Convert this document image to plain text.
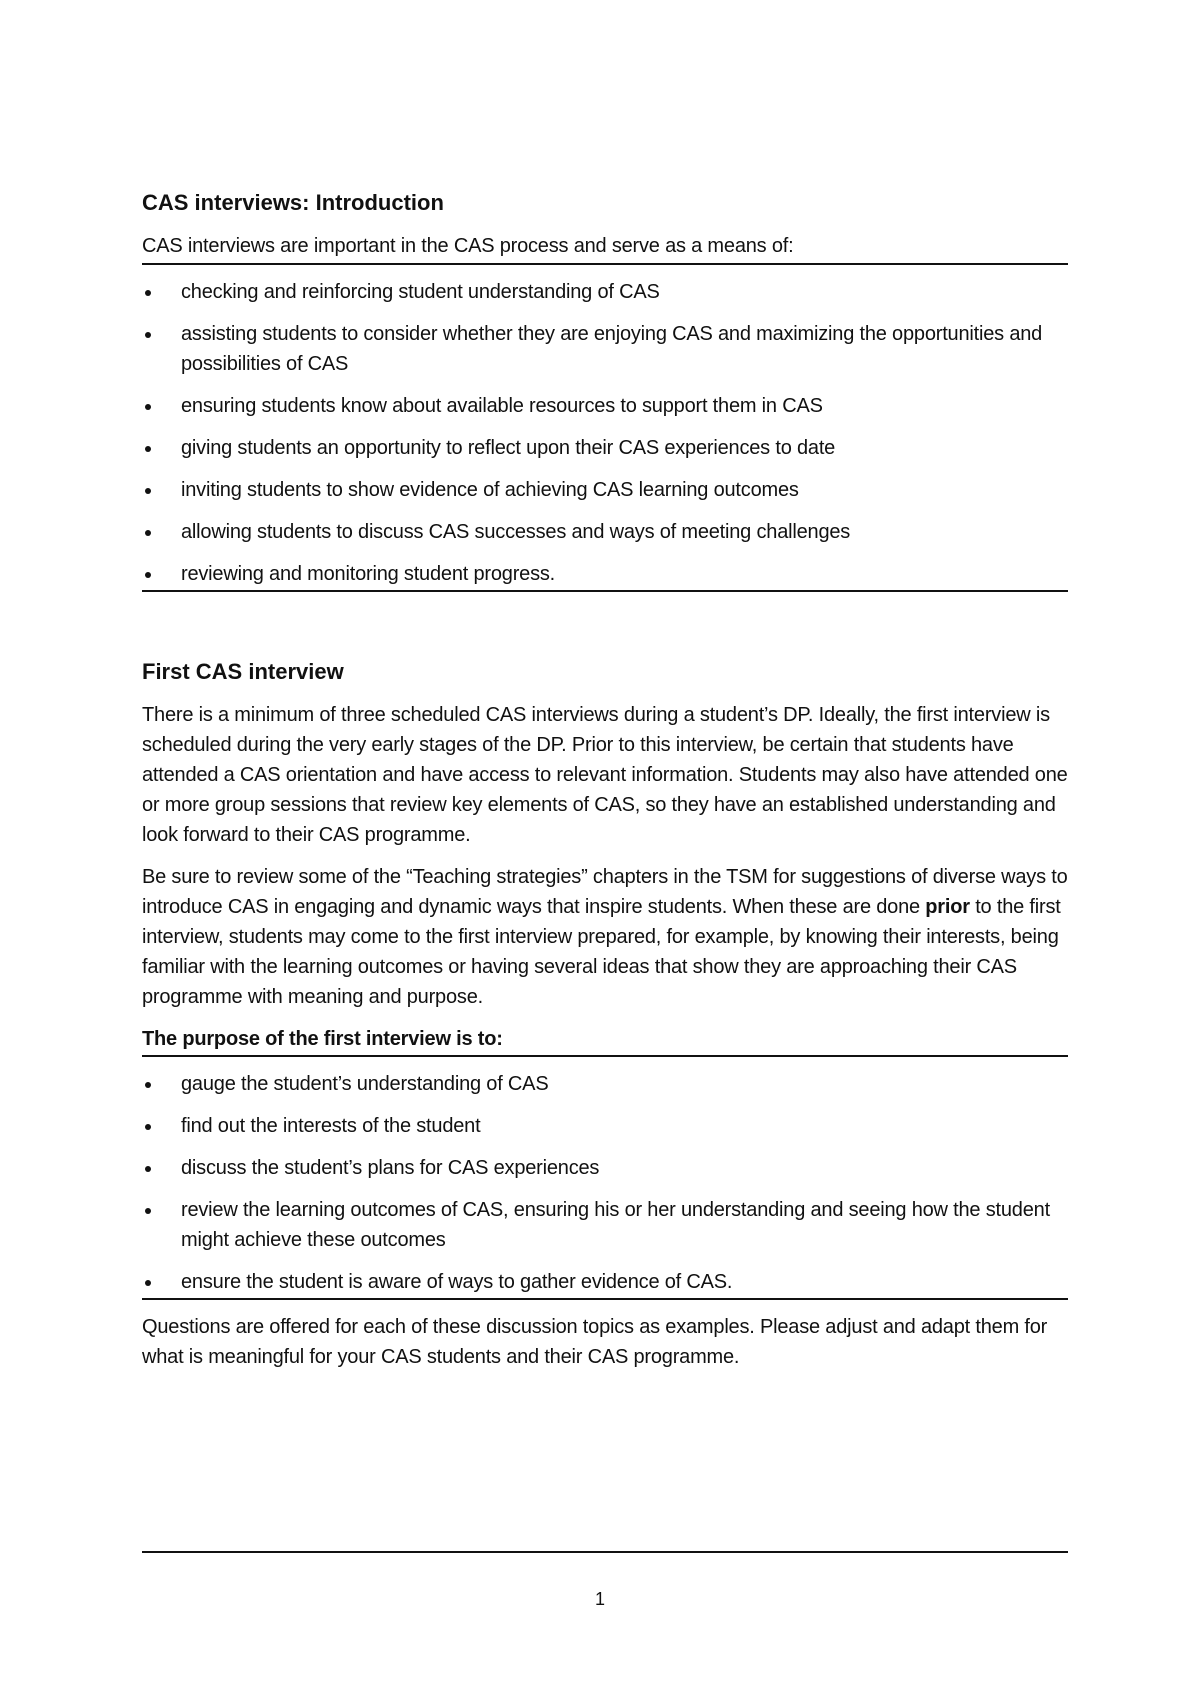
CAS interviews: Introduction

CAS interviews are important in the CAS process and serve as a means of:

checking and reinforcing student understanding of CAS
assisting students to consider whether they are enjoying CAS and maximizing the opportunities and possibilities of CAS
ensuring students know about available resources to support them in CAS
giving students an opportunity to reflect upon their CAS experiences to date
inviting students to show evidence of achieving CAS learning outcomes
allowing students to discuss CAS successes and ways of meeting challenges
reviewing and monitoring student progress.
First CAS interview

There is a minimum of three scheduled CAS interviews during a student’s DP. Ideally, the first interview is scheduled during the very early stages of the DP. Prior to this interview, be certain that students have attended a CAS orientation and have access to relevant information. Students may also have attended one or more group sessions that review key elements of CAS, so they have an established understanding and look forward to their CAS programme.

Be sure to review some of the “Teaching strategies” chapters in the TSM for suggestions of diverse ways to introduce CAS in engaging and dynamic ways that inspire students. When these are done prior to the first interview, students may come to the first interview prepared, for example, by knowing their interests, being familiar with the learning outcomes or having several ideas that show they are approaching their CAS programme with meaning and purpose.

The purpose of the first interview is to:

gauge the student’s understanding of CAS
find out the interests of the student
discuss the student’s plans for CAS experiences
review the learning outcomes of CAS, ensuring his or her understanding and seeing how the student might achieve these outcomes
ensure the student is aware of ways to gather evidence of CAS.

Questions are offered for each of these discussion topics as examples. Please adjust and adapt them for what is meaningful for your CAS students and their CAS programme.

1
